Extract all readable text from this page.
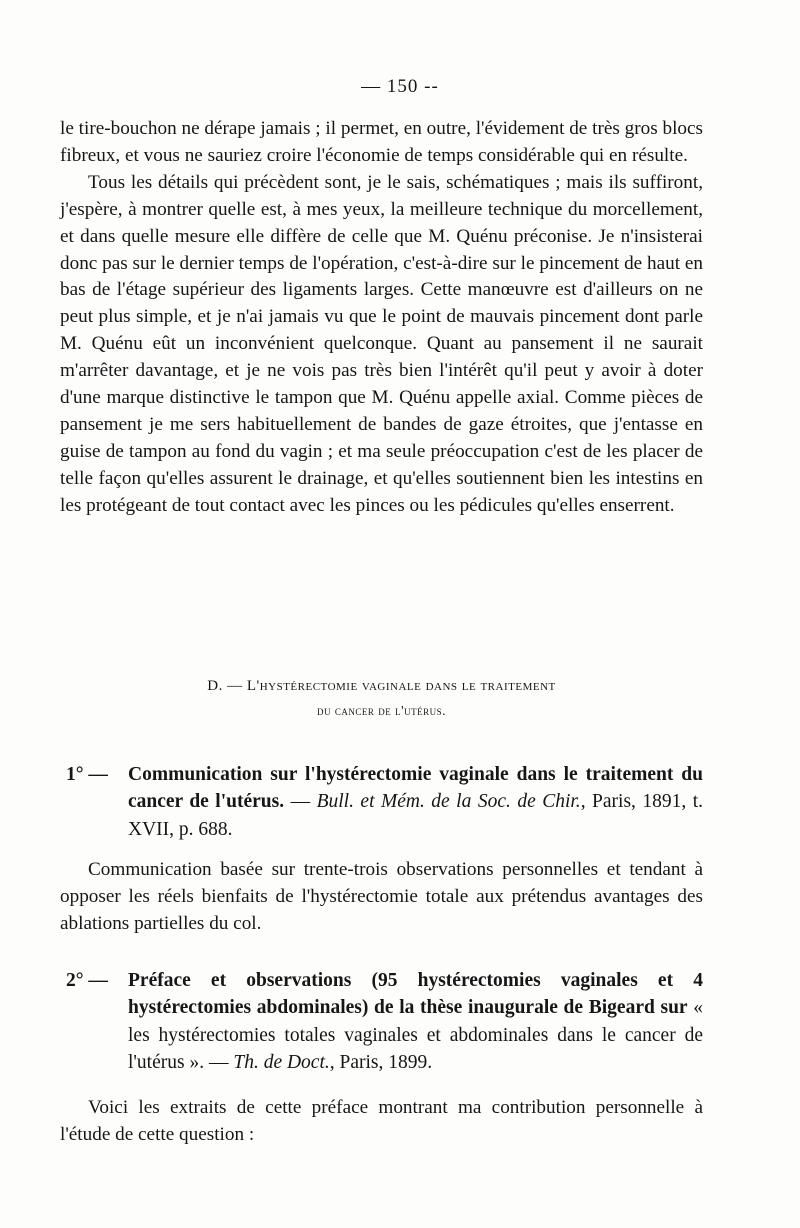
— 150 --

le tire-bouchon ne dérape jamais ; il permet, en outre, l'évidement de très gros blocs fibreux, et vous ne sauriez croire l'économie de temps considérable qui en résulte.

Tous les détails qui précèdent sont, je le sais, schématiques ; mais ils suffiront, j'espère, à montrer quelle est, à mes yeux, la meilleure technique du morcellement, et dans quelle mesure elle diffère de celle que M. Quénu préconise. Je n'insisterai donc pas sur le dernier temps de l'opération, c'est-à-dire sur le pincement de haut en bas de l'étage supérieur des ligaments larges. Cette manœuvre est d'ailleurs on ne peut plus simple, et je n'ai jamais vu que le point de mauvais pincement dont parle M. Quénu eût un inconvénient quelconque. Quant au pansement il ne saurait m'arrêter davantage, et je ne vois pas très bien l'intérêt qu'il peut y avoir à doter d'une marque distinctive le tampon que M. Quénu appelle axial. Comme pièces de pansement je me sers habituellement de bandes de gaze étroites, que j'entasse en guise de tampon au fond du vagin ; et ma seule préoccupation c'est de les placer de telle façon qu'elles assurent le drainage, et qu'elles soutiennent bien les intestins en les protégeant de tout contact avec les pinces ou les pédicules qu'elles enserrent.

D. — L'hystérectomie vaginale dans le traitement
du cancer de l'utérus.
1° —	Communication sur l'hystérectomie vaginale dans le traitement du cancer de l'utérus. — Bull. et Mém. de la Soc. de Chir., Paris, 1891, t. XVII, p. 688.
Communication basée sur trente-trois observations personnelles et tendant à opposer les réels bienfaits de l'hystérectomie totale aux prétendus avantages des ablations partielles du col.
2° —	Préface et observations (95 hystérectomies vaginales et 4 hystérectomies abdominales) de la thèse inaugurale de Bigeard sur « les hystérectomies totales vaginales et abdominales dans le cancer de l'utérus ». — Th. de Doct., Paris, 1899.
Voici les extraits de cette préface montrant ma contribution personnelle à l'étude de cette question :
